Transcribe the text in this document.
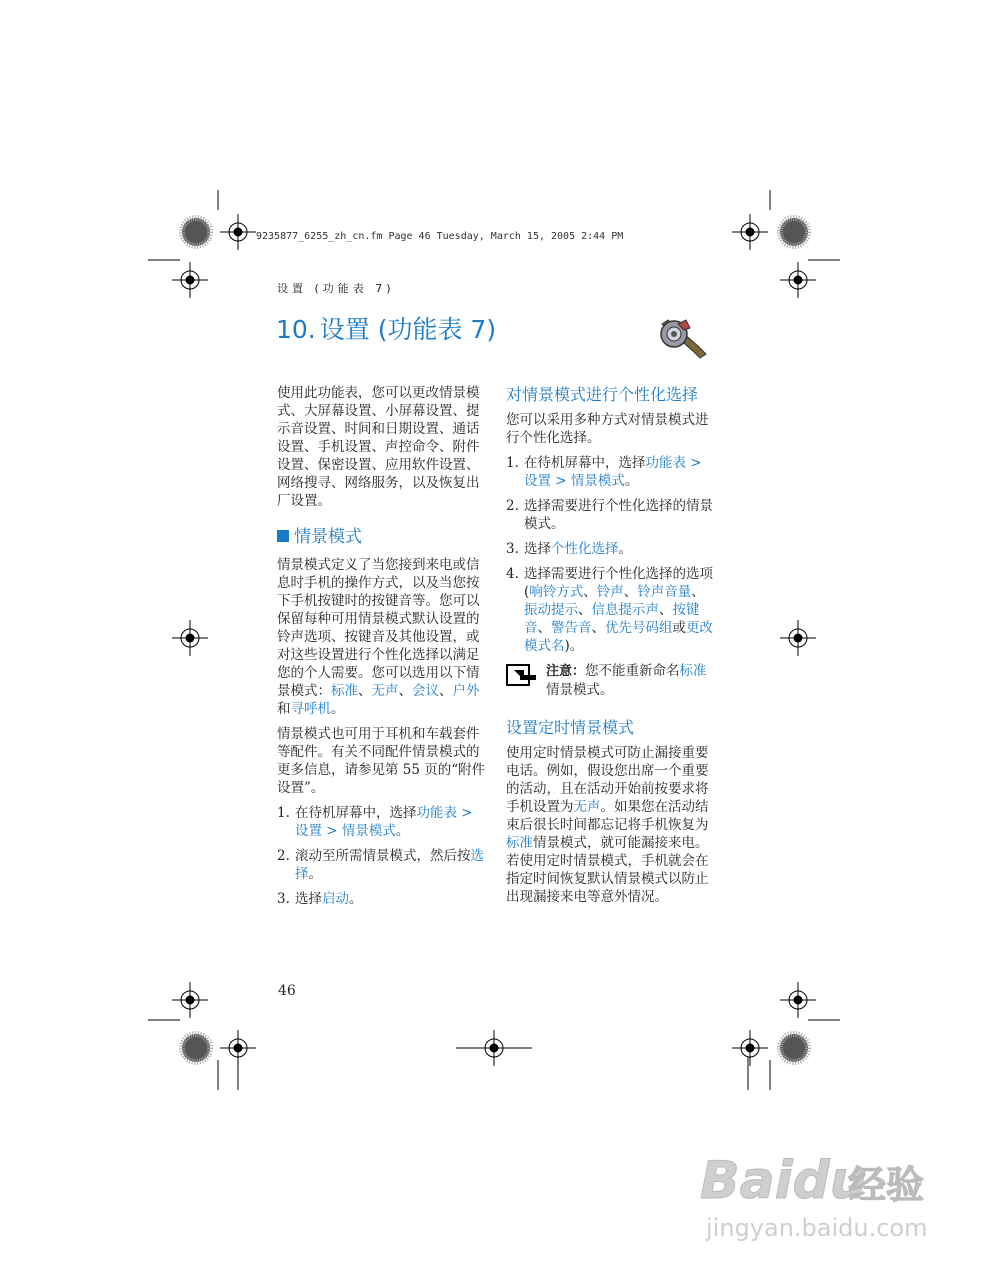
9235877_6255_zh_cn.fm Page 46 Tuesday, March 15, 2005 2:44 PM
设置 (功能表 7)
10. 设置 (功能表 7)

使用此功能表，您可以更改情景模式、大屏幕设置、小屏幕设置、提示音设置、时间和日期设置、通话设置、手机设置、声控命令、附件设置、保密设置、应用软件设置、网络搜寻、网络服务，以及恢复出厂设置。

情景模式

情景模式定义了当您接到来电或信息时手机的操作方式，以及当您按下手机按键时的按键音等。您可以保留每种可用情景模式默认设置的铃声选项、按键音及其他设置，或对这些设置进行个性化选择以满足您的个人需要。您可以选用以下情景模式：标准、无声、会议、户外和寻呼机。

情景模式也可用于耳机和车载套件等配件。有关不同配件情景模式的更多信息，请参见第 55 页的“附件设置”。

1. 在待机屏幕中，选择功能表 > 设置 > 情景模式。
2. 滚动至所需情景模式，然后按选择。
3. 选择启动。
对情景模式进行个性化选择

您可以采用多种方式对情景模式进行个性化选择。

1. 在待机屏幕中，选择功能表 > 设置 > 情景模式。
2. 选择需要进行个性化选择的情景模式。
3. 选择个性化选择。
4. 选择需要进行个性化选择的选项 (响铃方式、铃声、铃声音量、振动提示、信息提示声、按键音、警告音、优先号码组或更改模式名)。
注意：您不能重新命名标准情景模式。
设置定时情景模式

使用定时情景模式可防止漏接重要电话。例如，假设您出席一个重要的活动，且在活动开始前按要求将手机设置为无声。如果您在活动结束后很长时间都忘记将手机恢复为标准情景模式，就可能漏接来电。若使用定时情景模式，手机就会在指定时间恢复默认情景模式以防止出现漏接来电等意外情况。

46
Baidu
经验
jingyan.baidu.com
